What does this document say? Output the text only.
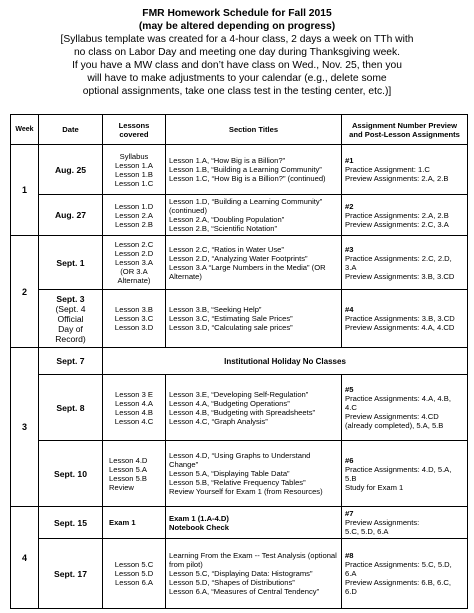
FMR Homework Schedule for Fall 2015
(may be altered depending on progress)
[Syllabus template was created for a 4-hour class, 2 days a week on TTh with
no class on Labor Day and meeting one day during Thanksgiving week.
If you have a MW class and don’t have class on Wed., Nov. 25, then you
will have to make adjustments to your calendar (e.g., delete some
optional assignments, take one class test in the testing center, etc.)]
Week	Date	Lessons covered	Section Titles	Assignment Number Preview and Post-Lesson Assignments

1	Aug. 25	Syllabus
Lesson 1.A
Lesson 1.B
Lesson 1.C	Lesson 1.A, “How Big is a Billion?”
Lesson 1.B, “Building a Learning Community”
Lesson 1.C, “How Big is a Billion?” (continued)	#1
Practice Assignment: 1.C
Preview Assignments: 2.A, 2.B

	Aug. 27	Lesson 1.D
Lesson 2.A
Lesson 2.B	Lesson 1.D, “Building a Learning Community” (continued)
Lesson 2.A, “Doubling Population”
Lesson 2.B, “Scientific Notation”	#2
Practice Assignments: 2.A, 2.B
Preview Assignments: 2.C, 3.A

2	Sept. 1	Lesson 2.C
Lesson 2.D
Lesson 3.A
(OR 3.A
Alternate)	Lesson 2.C, “Ratios in Water Use”
Lesson 2.D, “Analyzing Water Footprints”
Lesson 3.A “Large Numbers in the Media” (OR Alternate)	#3
Practice Assignments: 2.C, 2.D, 3.A
Preview Assignments: 3.B, 3.CD

	Sept. 3
(Sept. 4
Official
Day of
Record)	Lesson 3.B
Lesson 3.C
Lesson 3.D	Lesson 3.B, “Seeking Help”
Lesson 3.C, “Estimating Sale Prices”
Lesson 3.D, “Calculating sale prices”	#4
Practice Assignments: 3.B, 3.CD
Preview Assignments: 4.A, 4.CD

3	Sept. 7	Institutional Holiday No Classes		

	Sept. 8	Lesson 3 E
Lesson 4.A
Lesson 4.B
Lesson 4.C	Lesson 3.E, “Developing Self-Regulation”
Lesson 4.A, “Budgeting Operations”
Lesson 4.B, “Budgeting with Spreadsheets”
Lesson 4.C, “Graph Analysis”	#5
Practice Assignments: 4.A, 4.B, 4.C
Preview Assignments: 4.CD (already completed), 5.A, 5.B

	Sept. 10	Lesson 4.D
Lesson 5.A
Lesson 5.B
Review	Lesson 4.D, “Using Graphs to Understand Change”
Lesson 5.A, “Displaying Table Data”
Lesson 5.B, “Relative Frequency Tables”
Review Yourself for Exam 1 (from Resources)	#6
Practice Assignments: 4.D, 5.A, 5.B
Study for Exam 1

4	Sept. 15	Exam 1	Exam 1 (1.A-4.D)
Notebook Check	#7
Preview Assignments:
5.C, 5.D, 6.A

	Sept. 17	Lesson 5.C
Lesson 5.D
Lesson 6.A	Learning From the Exam -- Test Analysis (optional from pilot)
Lesson 5.C, “Displaying Data: Histograms”
Lesson 5.D, “Shapes of Distributions”
Lesson 6.A, “Measures of Central Tendency”	#8
Practice Assignments: 5.C, 5.D, 6.A
Preview Assignments: 6.B, 6.C, 6.D
